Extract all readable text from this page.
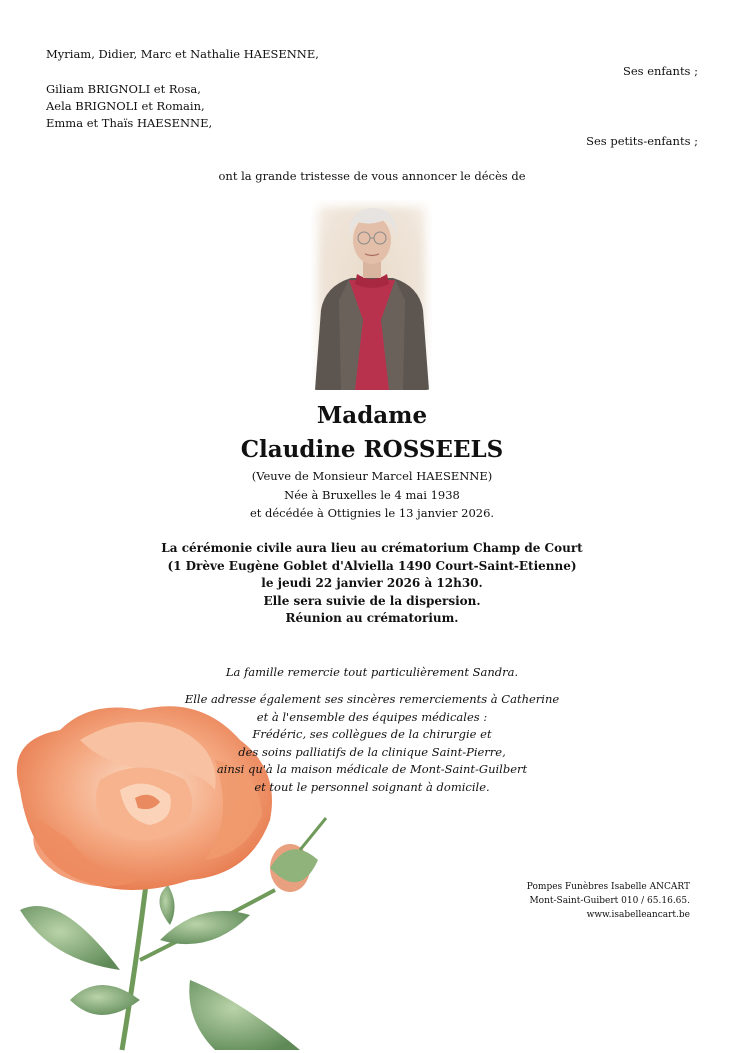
Myriam, Didier, Marc et Nathalie HAESENNE,

Ses enfants ;

Giliam BRIGNOLI et Rosa,
Aela BRIGNOLI et Romain,
Emma et Thaïs HAESENNE,

Ses petits-enfants ;

ont la grande tristesse de vous annoncer le décès de

Madame

Claudine ROSSEELS

(Veuve de Monsieur Marcel HAESENNE)

Née à Bruxelles le 4 mai 1938

et décédée à Ottignies le 13 janvier 2026.

La cérémonie civile aura lieu au crématorium Champ de Court
(1 Drève Eugène Goblet d'Alviella 1490 Court-Saint-Etienne)
le jeudi 22 janvier 2026 à 12h30.
Elle sera suivie de la dispersion.
Réunion au crématorium.
La famille remercie tout particulièrement Sandra.
Elle adresse également ses sincères remerciements à Catherine
et à l'ensemble des équipes médicales :
Frédéric, ses collègues de la chirurgie et
des soins palliatifs de la clinique Saint-Pierre,
ainsi qu'à la maison médicale de Mont-Saint-Guilbert
et tout le personnel soignant à domicile.
Pompes Funèbres Isabelle ANCART
Mont-Saint-Guibert 010 / 65.16.65.
www.isabelleancart.be
